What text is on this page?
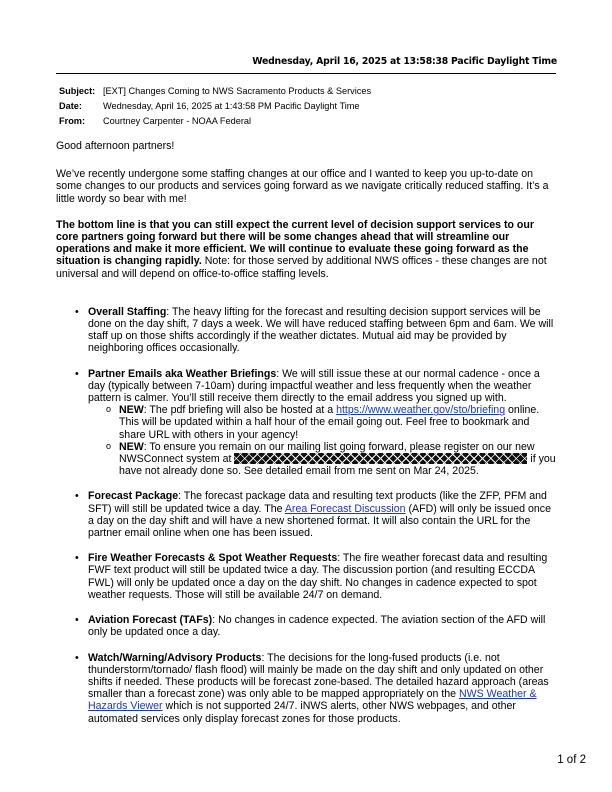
Wednesday, April 16, 2025 at 13:58:38 Pacific Daylight Time
Subject: [EXT] Changes Coming to NWS Sacramento Products & Services
Date:	Wednesday, April 16, 2025 at 1:43:58 PM Pacific Daylight Time
From:	Courtney Carpenter - NOAA Federal

Good afternoon partners!

We’ve recently undergone some staffing changes at our office and I wanted to keep you up-to-date on some changes to our products and services going forward as we navigate critically reduced staffing. It’s a little wordy so bear with me!

The bottom line is that you can still expect the current level of decision support services to our core partners going forward but there will be some changes ahead that will streamline our operations and make it more efficient. We will continue to evaluate these going forward as the situation is changing rapidly. Note: for those served by additional NWS offices - these changes are not universal and will depend on office-to-office staffing levels.

• Overall Staffing: The heavy lifting for the forecast and resulting decision support services will be done on the day shift, 7 days a week. We will have reduced staffing between 6pm and 6am. We will staff up on those shifts accordingly if the weather dictates. Mutual aid may be provided by neighboring offices occasionally.
• Partner Emails aka Weather Briefings: We will still issue these at our normal cadence - once a day (typically between 7-10am) during impactful weather and less frequently when the weather pattern is calmer. You’ll still receive them directly to the email address you signed up with.
o NEW: The pdf briefing will also be hosted at a https://www.weather.gov/sto/briefing online. This will be updated within a half hour of the email going out. Feel free to bookmark and share URL with others in your agency!
o NEW: To ensure you remain on our mailing list going forward, please register on our new NWSConnect system at	if you have not already done so. See detailed email from me sent on Mar 24, 2025.
• Forecast Package: The forecast package data and resulting text products (like the ZFP, PFM and SFT) will still be updated twice a day. The Area Forecast Discussion (AFD) will only be issued once a day on the day shift and will have a new shortened format. It will also contain the URL for the partner email online when one has been issued.
• Fire Weather Forecasts & Spot Weather Requests: The fire weather forecast data and resulting FWF text product will still be updated twice a day. The discussion portion (and resulting ECCDA FWL) will only be updated once a day on the day shift. No changes in cadence expected to spot weather requests. Those will still be available 24/7 on demand.
• Aviation Forecast (TAFs): No changes in cadence expected. The aviation section of the AFD will only be updated once a day.
• Watch/Warning/Advisory Products: The decisions for the long-fused products (i.e. not thunderstorm/tornado/ flash flood) will mainly be made on the day shift and only updated on other shifts if needed. These products will be forecast zone-based. The detailed hazard approach (areas smaller than a forecast zone) was only able to be mapped appropriately on the NWS Weather & Hazards Viewer which is not supported 24/7. iNWS alerts, other NWS webpages, and other automated services only display forecast zones for those products.
1 of 2
